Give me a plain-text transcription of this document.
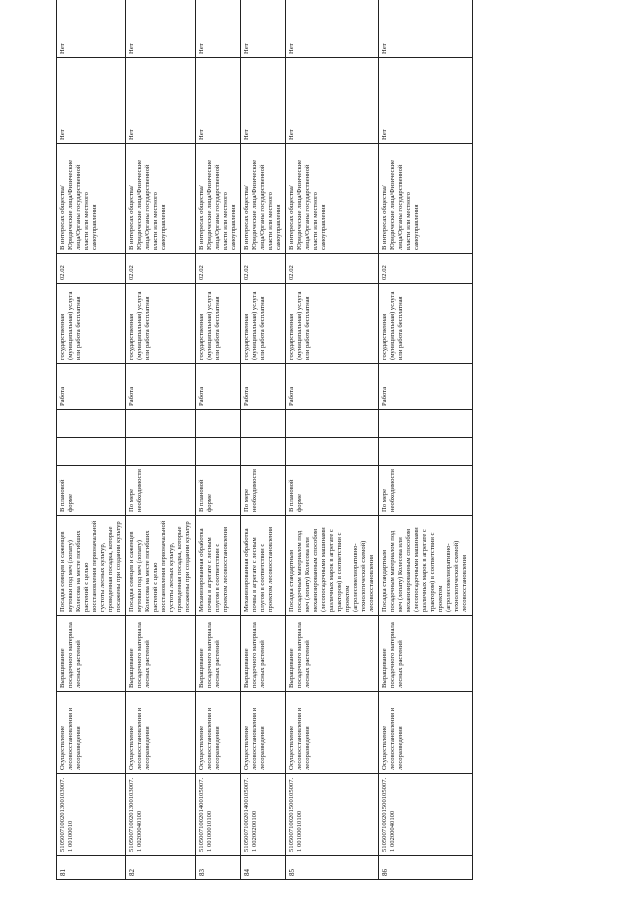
81	5105007100201300103007.1 00100010	Осуществление лесовосстановления и лесоразведения	Выращивание посадочного материала лесных растений	Посадка сеянцев и саженцев мутовки под меч (лопату) Колесова на месте погибших растений с целью восстановления первоначальной густоты лесных культур, проведенная посадка, которые посажены при создании культур	В плановой форме			Работа	государственная (муниципальная) услуга или работа бесплатная	02.02	В интересах общества/Юридические лица/Физические лица/Органы государственной власти или местного самоуправления	Нет	Нет
82	5105007100201300103007.1 00200040100	Осуществление лесовосстановления и лесоразведения	Выращивание посадочного материала лесных растений	Посадка сеянцев и саженцев мутовки под меч (лопату) Колесова на месте погибших растений с целью восстановления первоначальной густоты лесных культур, проведенная посадка, которые посажены при создании культур	По мере необходимости			Работа	государственная (муниципальная) услуга или работа бесплатная	02.02	В интересах общества/Юридические лица/Физические лица/Органы государственной власти или местного самоуправления	Нет	Нет
83	5105007100201400105007.1 00100010100	Осуществление лесовосстановления и лесоразведения	Выращивание посадочного материала лесных растений	Механизированная обработка почвы в агрегате с лесным плугом в соответствии с проектом лесовосстановления	В плановой форме			Работа	государственная (муниципальная) услуга или работа бесплатная	02.02	В интересах общества/Юридические лица/Физические лица/Органы государственной власти или местного самоуправления	Нет	Нет
84	5105007100201400105007.1 00200200100	Осуществление лесовосстановления и лесоразведения	Выращивание посадочного материала лесных растений	Механизированная обработка почвы в агрегате с лесным плугом в соответствии с проектом лесовосстановления	По мере необходимости			Работа	государственная (муниципальная) услуга или работа бесплатная	02.02	В интересах общества/Юридические лица/Физические лица/Органы государственной власти или местного самоуправления	Нет	Нет
85	5105007100201500105007.1 00100010100	Осуществление лесовосстановления и лесоразведения	Выращивание посадочного материала лесных растений	Посадка стандартным посадочным материалом под меч (лопату) Колесова или механизированным способом (лесопосадочными машинами различных марок в агрегате с трактором) в соответствии с проектом (агролесомелиоративно-технологической схемой) лесовосстановления	В плановой форме			Работа	государственная (муниципальная) услуга или работа бесплатная	02.02	В интересах общества/Юридические лица/Физические лица/Органы государственной власти или местного самоуправления	Нет	Нет
86	5105007100201500105007.1 00200040100	Осуществление лесовосстановления и лесоразведения	Выращивание посадочного материала лесных растений	Посадка стандартным посадочным материалом под меч (лопату) Колесова или механизированным способом (лесопосадочными машинами различных марок в агрегате с трактором) в соответствии с проектом (агролесомелиоративно-технологической схемой) лесовосстановления	По мере необходимости			Работа	государственная (муниципальная) услуга или работа бесплатная	02.02	В интересах общества/Юридические лица/Физические лица/Органы государственной власти или местного самоуправления	Нет	Нет
